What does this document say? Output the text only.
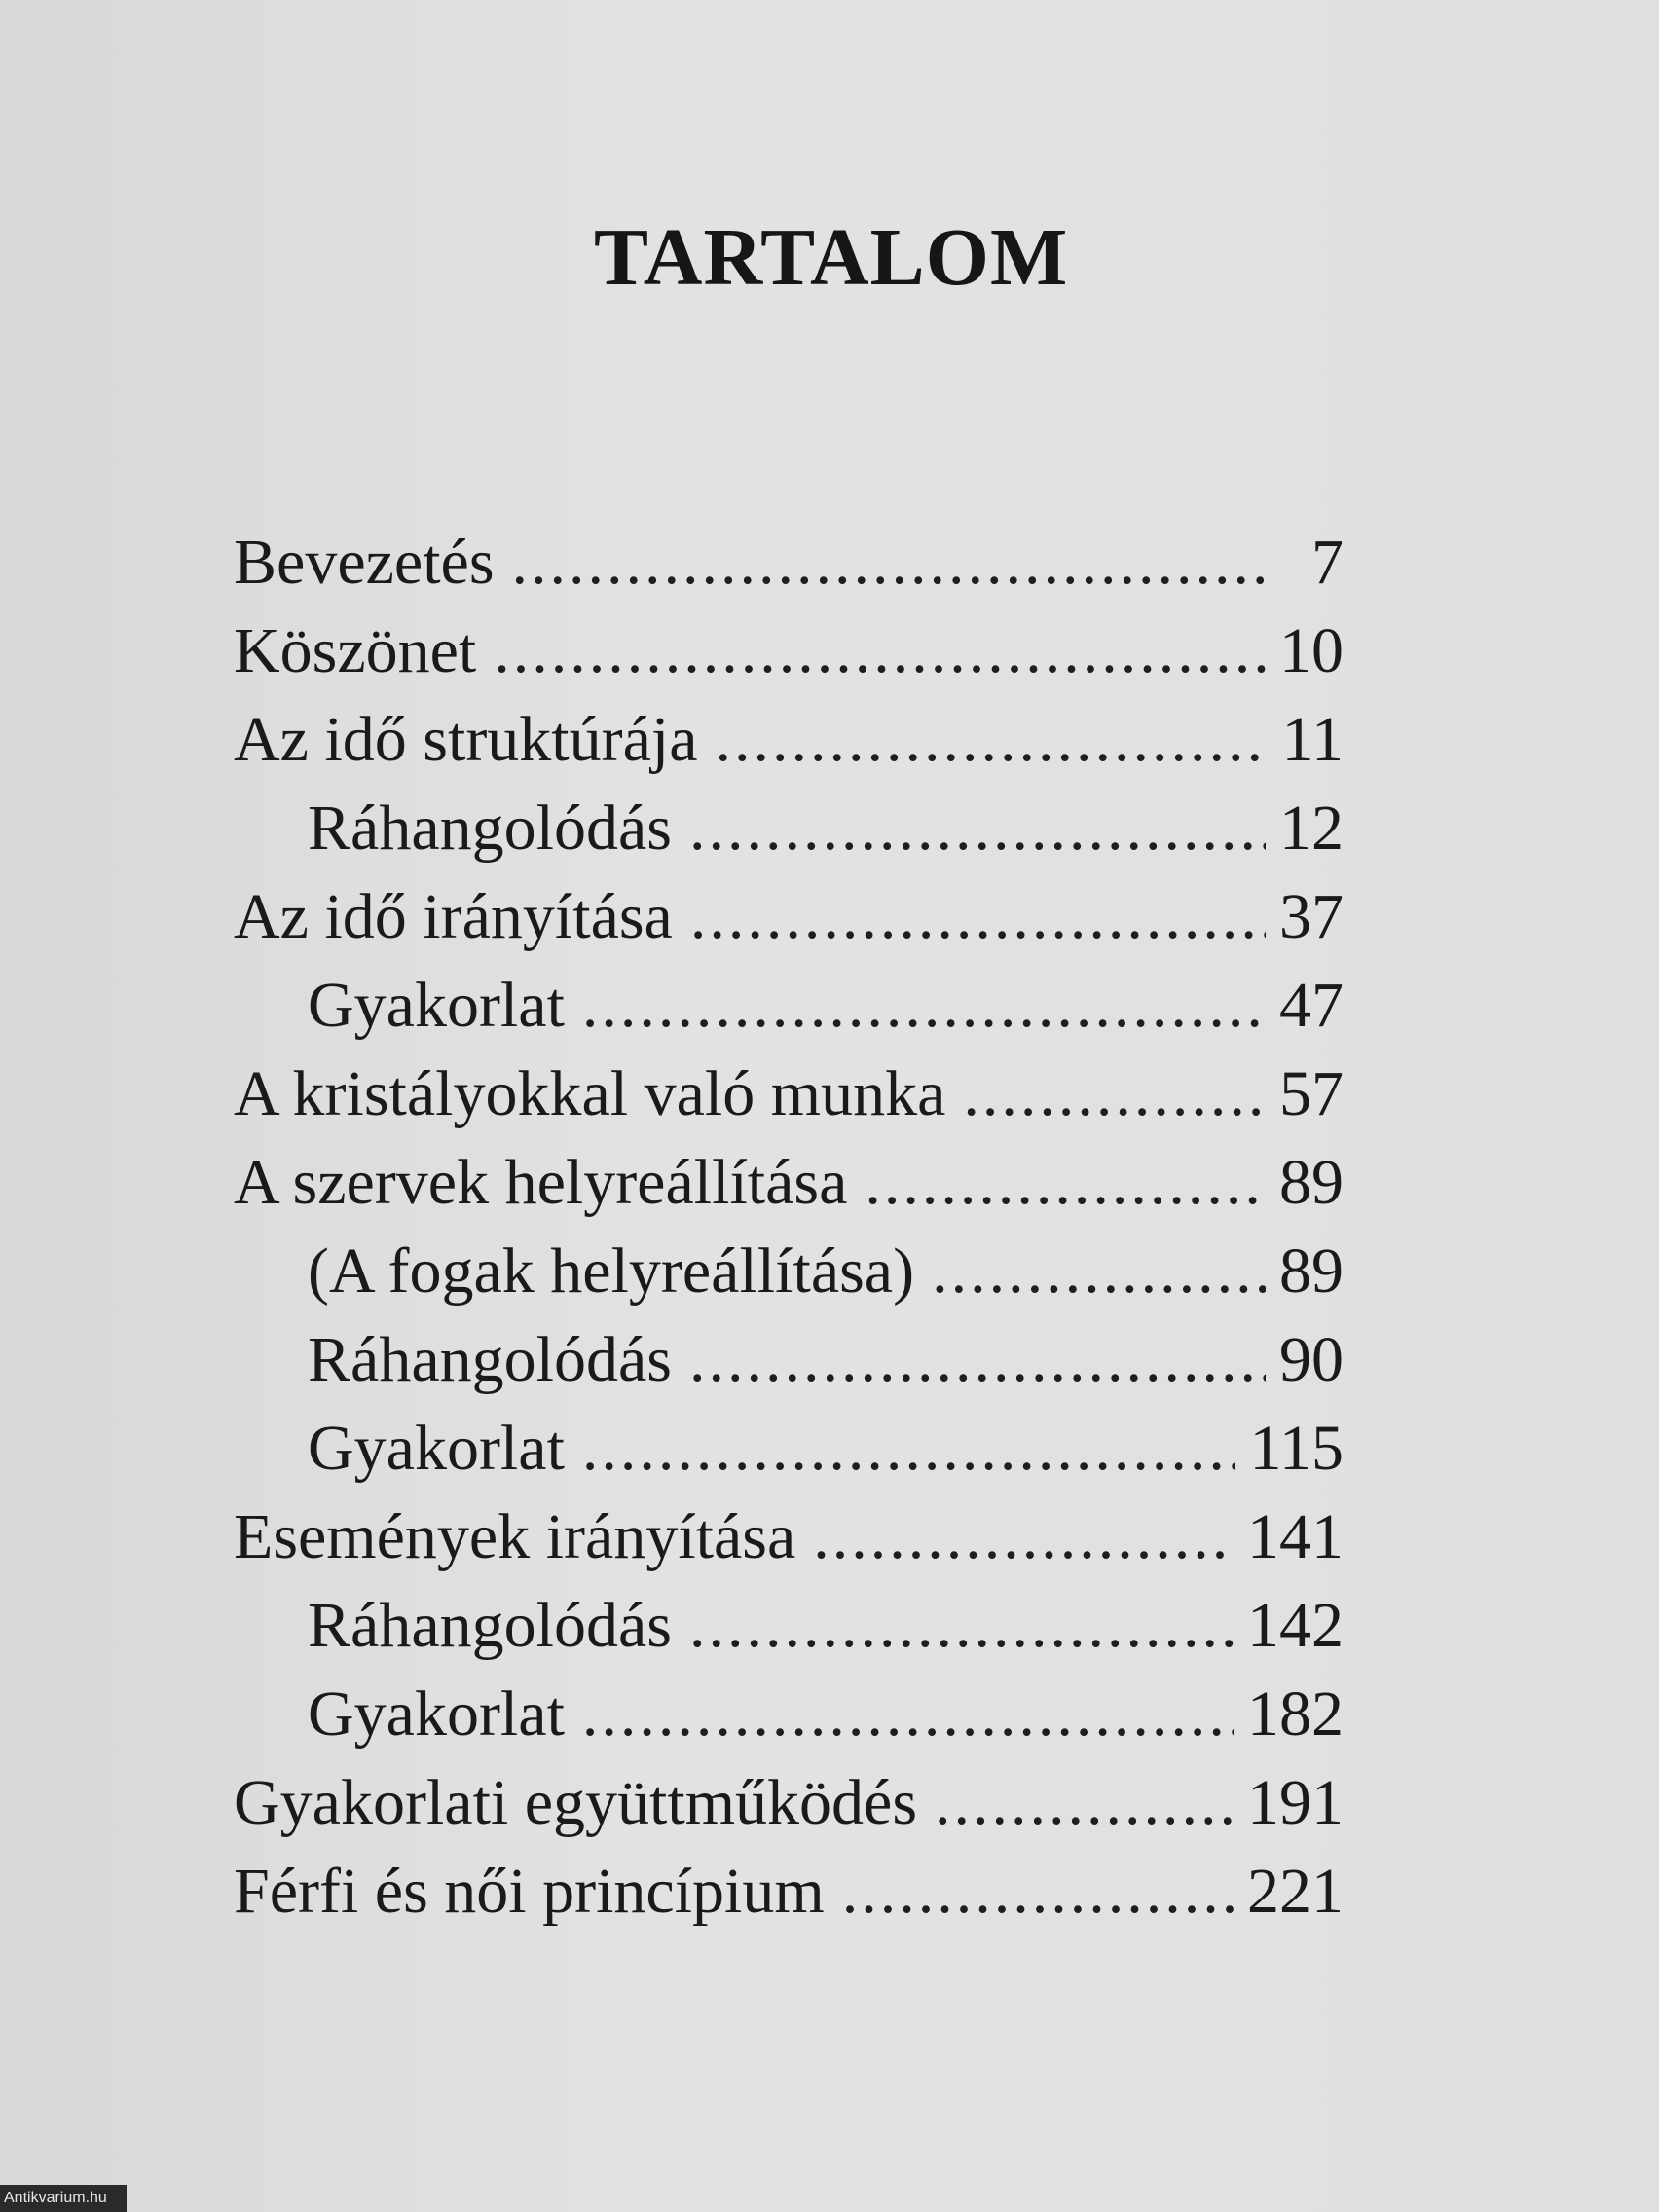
TARTALOM
Bevezetés .....	7
Köszönet .....	10
Az idő struktúrája .....	11
Ráhangolódás .....	12
Az idő irányítása .....	37
Gyakorlat .....	47
A kristályokkal való munka .....	57
A szervek helyreállítása .....	89
(A fogak helyreállítása) .....	89
Ráhangolódás .....	90
Gyakorlat .....	115
Események irányítása .....	141
Ráhangolódás .....	142
Gyakorlat .....	182
Gyakorlati együttműködés .....	191
Férfi és női princípium .....	221
Antikvarium.hu
